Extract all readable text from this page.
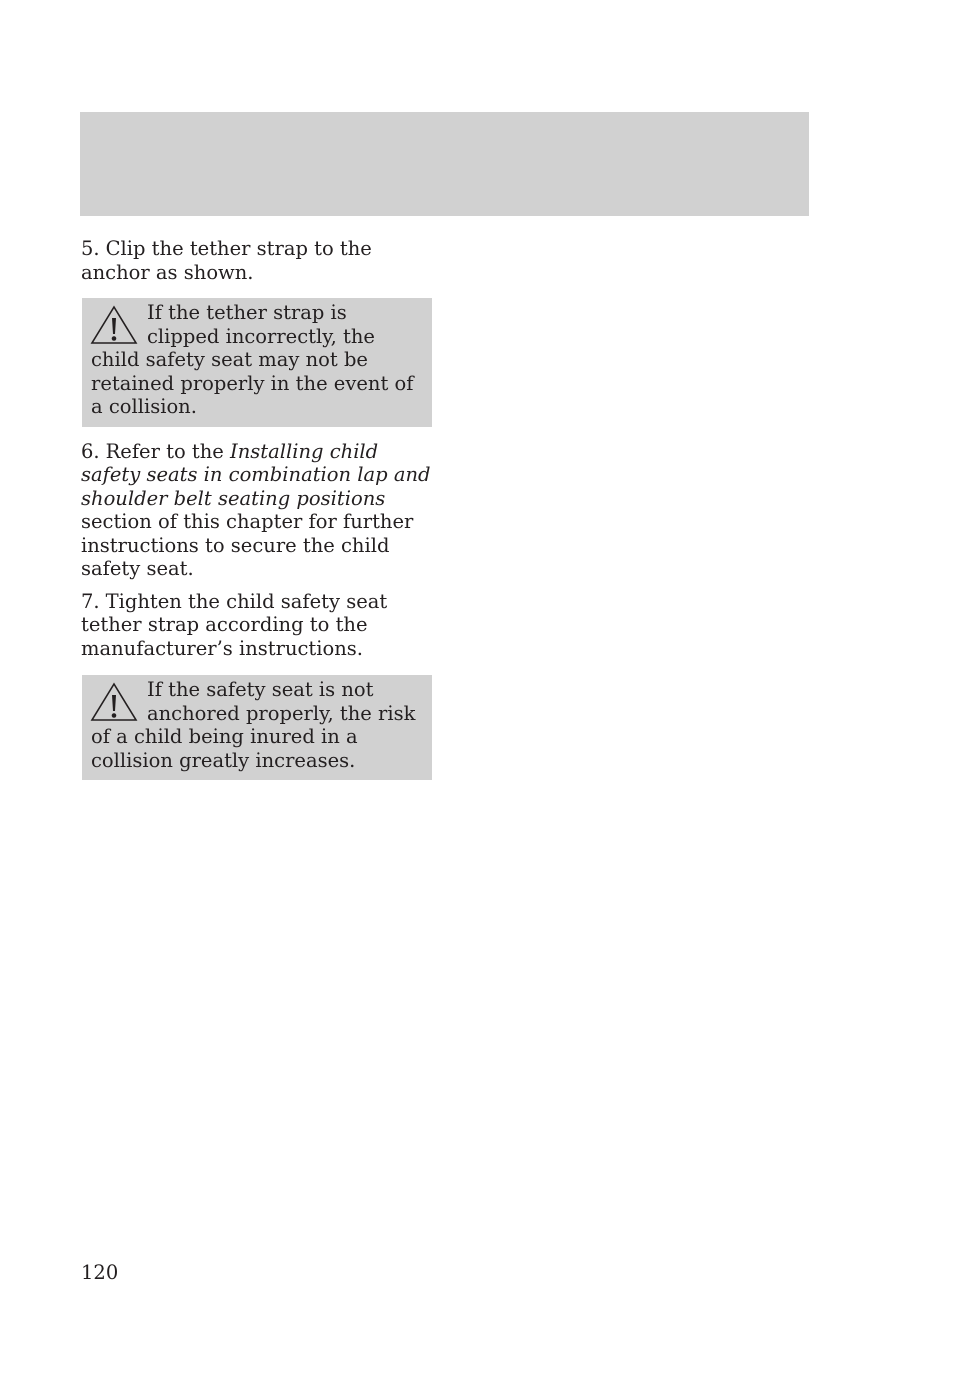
5. Clip the tether strap to the anchor as shown.

If the tether strap is clipped incorrectly, the child safety seat may not be retained properly in the event of a collision.

6. Refer to the Installing child safety seats in combination lap and shoulder belt seating positions section of this chapter for further instructions to secure the child safety seat.

7. Tighten the child safety seat tether strap according to the manufacturer’s instructions.

If the safety seat is not anchored properly, the risk of a child being inured in a collision greatly increases.
120
